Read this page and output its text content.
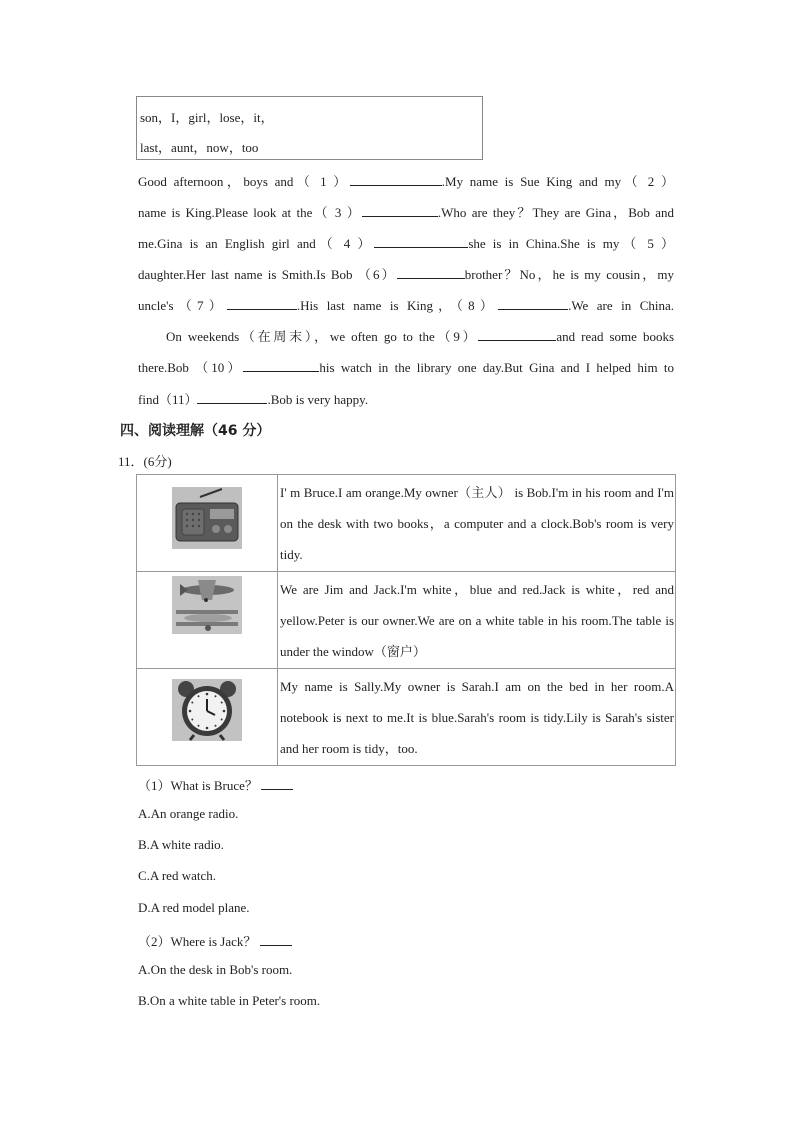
son，I，girl，lose，it，
last，aunt，now，too
Good afternoon，boys and（ 1 ）	.My name is Sue King and my（ 2 ）
name is King.Please look at the（ 3 ）	.Who are they？They are Gina，Bob and
me.Gina is an English girl and（ 4 ）	she is in China.She is my（ 5 ）
daughter.Her last name is Smith.Is Bob （6）	brother？No，he is my cousin，my
uncle's（7）	.His last name is King，（8）	.We are in China.
On weekends（在周末），we often go to the（9）	and read some books
there.Bob （10）	his watch in the library one day.But Gina and I helped him to
find（11）	.Bob is very happy.
四、阅读理解（46 分）
11．(6分)
	I' m Bruce.I am orange.My owner（主人） is Bob.I'm in his room and I'm on the desk with two books，a computer and a clock.Bob's room is very tidy.
	We are Jim and Jack.I'm white，blue and red.Jack is white，red and yellow.Peter is our owner.We are on a white table in his room.The table is under the window（窗户）
	My name is Sally.My owner is Sarah.I am on the bed in her room.A notebook is next to me.It is blue.Sarah's room is tidy.Lily is Sarah's sister and her room is tidy，too.
（1）What is Bruce？
A.An orange radio.
B.A white radio.
C.A red watch.
D.A red model plane.
（2）Where is Jack？
A.On the desk in Bob's room.
B.On a white table in Peter's room.
